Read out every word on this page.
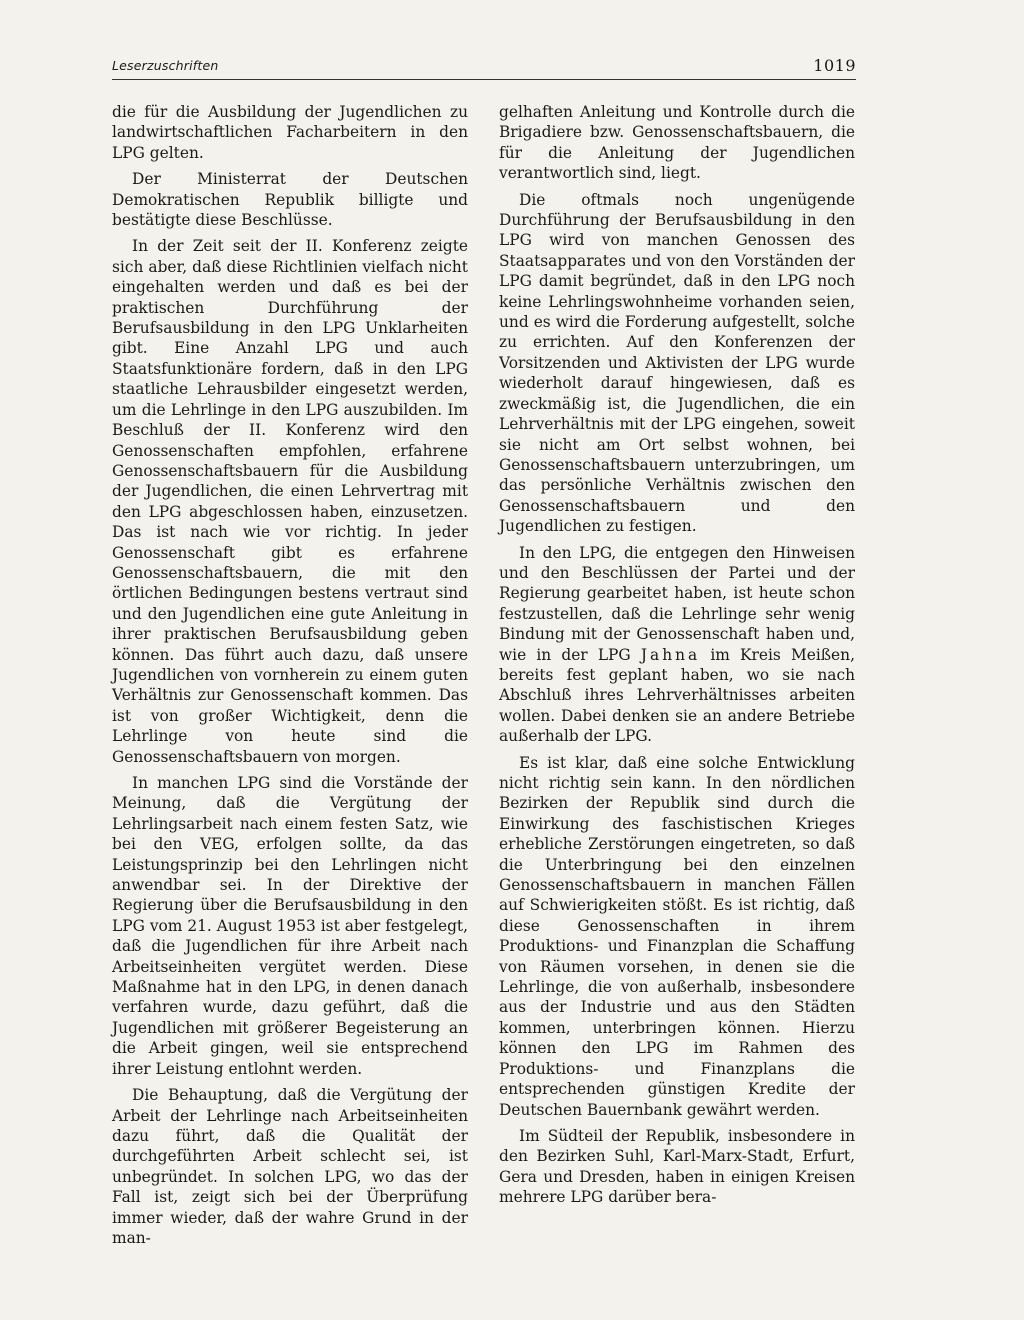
Leserzuschriften	1019

die für die Ausbildung der Jugendlichen zu landwirtschaftlichen Facharbeitern in den LPG gelten.

Der Ministerrat der Deutschen Demokratischen Republik billigte und bestätigte diese Beschlüsse.

In der Zeit seit der II. Konferenz zeigte sich aber, daß diese Richtlinien vielfach nicht eingehalten werden und daß es bei der praktischen Durchführung der Berufsausbildung in den LPG Unklarheiten gibt. Eine Anzahl LPG und auch Staatsfunktionäre fordern, daß in den LPG staatliche Lehrausbilder eingesetzt werden, um die Lehrlinge in den LPG auszubilden. Im Beschluß der II. Konferenz wird den Genossenschaften empfohlen, erfahrene Genossenschaftsbauern für die Ausbildung der Jugendlichen, die einen Lehrvertrag mit den LPG abgeschlossen haben, einzusetzen. Das ist nach wie vor richtig. In jeder Genossenschaft gibt es erfahrene Genossenschaftsbauern, die mit den örtlichen Bedingungen bestens vertraut sind und den Jugendlichen eine gute Anleitung in ihrer praktischen Berufsausbildung geben können. Das führt auch dazu, daß unsere Jugendlichen von vornherein zu einem guten Verhältnis zur Genossenschaft kommen. Das ist von großer Wichtigkeit, denn die Lehrlinge von heute sind die Genossenschaftsbauern von morgen.

In manchen LPG sind die Vorstände der Meinung, daß die Vergütung der Lehrlingsarbeit nach einem festen Satz, wie bei den VEG, erfolgen sollte, da das Leistungsprinzip bei den Lehrlingen nicht anwendbar sei. In der Direktive der Regierung über die Berufsausbildung in den LPG vom 21. August 1953 ist aber festgelegt, daß die Jugendlichen für ihre Arbeit nach Arbeitseinheiten vergütet werden. Diese Maßnahme hat in den LPG, in denen danach verfahren wurde, dazu geführt, daß die Jugendlichen mit größerer Begeisterung an die Arbeit gingen, weil sie entsprechend ihrer Leistung entlohnt werden.

Die Behauptung, daß die Vergütung der Arbeit der Lehrlinge nach Arbeitseinheiten dazu führt, daß die Qualität der durchgeführten Arbeit schlecht sei, ist unbegründet. In solchen LPG, wo das der Fall ist, zeigt sich bei der Überprüfung immer wieder, daß der wahre Grund in der man-

gelhaften Anleitung und Kontrolle durch die Brigadiere bzw. Genossenschaftsbauern, die für die Anleitung der Jugendlichen verantwortlich sind, liegt.

Die oftmals noch ungenügende Durchführung der Berufsausbildung in den LPG wird von manchen Genossen des Staatsapparates und von den Vorständen der LPG damit begründet, daß in den LPG noch keine Lehrlingswohnheime vorhanden seien, und es wird die Forderung aufgestellt, solche zu errichten. Auf den Konferenzen der Vorsitzenden und Aktivisten der LPG wurde wiederholt darauf hingewiesen, daß es zweckmäßig ist, die Jugendlichen, die ein Lehrverhältnis mit der LPG eingehen, soweit sie nicht am Ort selbst wohnen, bei Genossenschaftsbauern unterzubringen, um das persönliche Verhältnis zwischen den Genossenschaftsbauern und den Jugendlichen zu festigen.

In den LPG, die entgegen den Hinweisen und den Beschlüssen der Partei und der Regierung gearbeitet haben, ist heute schon festzustellen, daß die Lehrlinge sehr wenig Bindung mit der Genossenschaft haben und, wie in der LPG Jahna im Kreis Meißen, bereits fest geplant haben, wo sie nach Abschluß ihres Lehrverhältnisses arbeiten wollen. Dabei denken sie an andere Betriebe außerhalb der LPG.

Es ist klar, daß eine solche Entwicklung nicht richtig sein kann. In den nördlichen Bezirken der Republik sind durch die Einwirkung des faschistischen Krieges erhebliche Zerstörungen eingetreten, so daß die Unterbringung bei den einzelnen Genossenschaftsbauern in manchen Fällen auf Schwierigkeiten stößt. Es ist richtig, daß diese Genossenschaften in ihrem Produktions- und Finanzplan die Schaffung von Räumen vorsehen, in denen sie die Lehrlinge, die von außerhalb, insbesondere aus der Industrie und aus den Städten kommen, unterbringen können. Hierzu können den LPG im Rahmen des Produktions- und Finanzplans die entsprechenden günstigen Kredite der Deutschen Bauernbank gewährt werden.

Im Südteil der Republik, insbesondere in den Bezirken Suhl, Karl-Marx-Stadt, Erfurt, Gera und Dresden, haben in einigen Kreisen mehrere LPG darüber bera-
